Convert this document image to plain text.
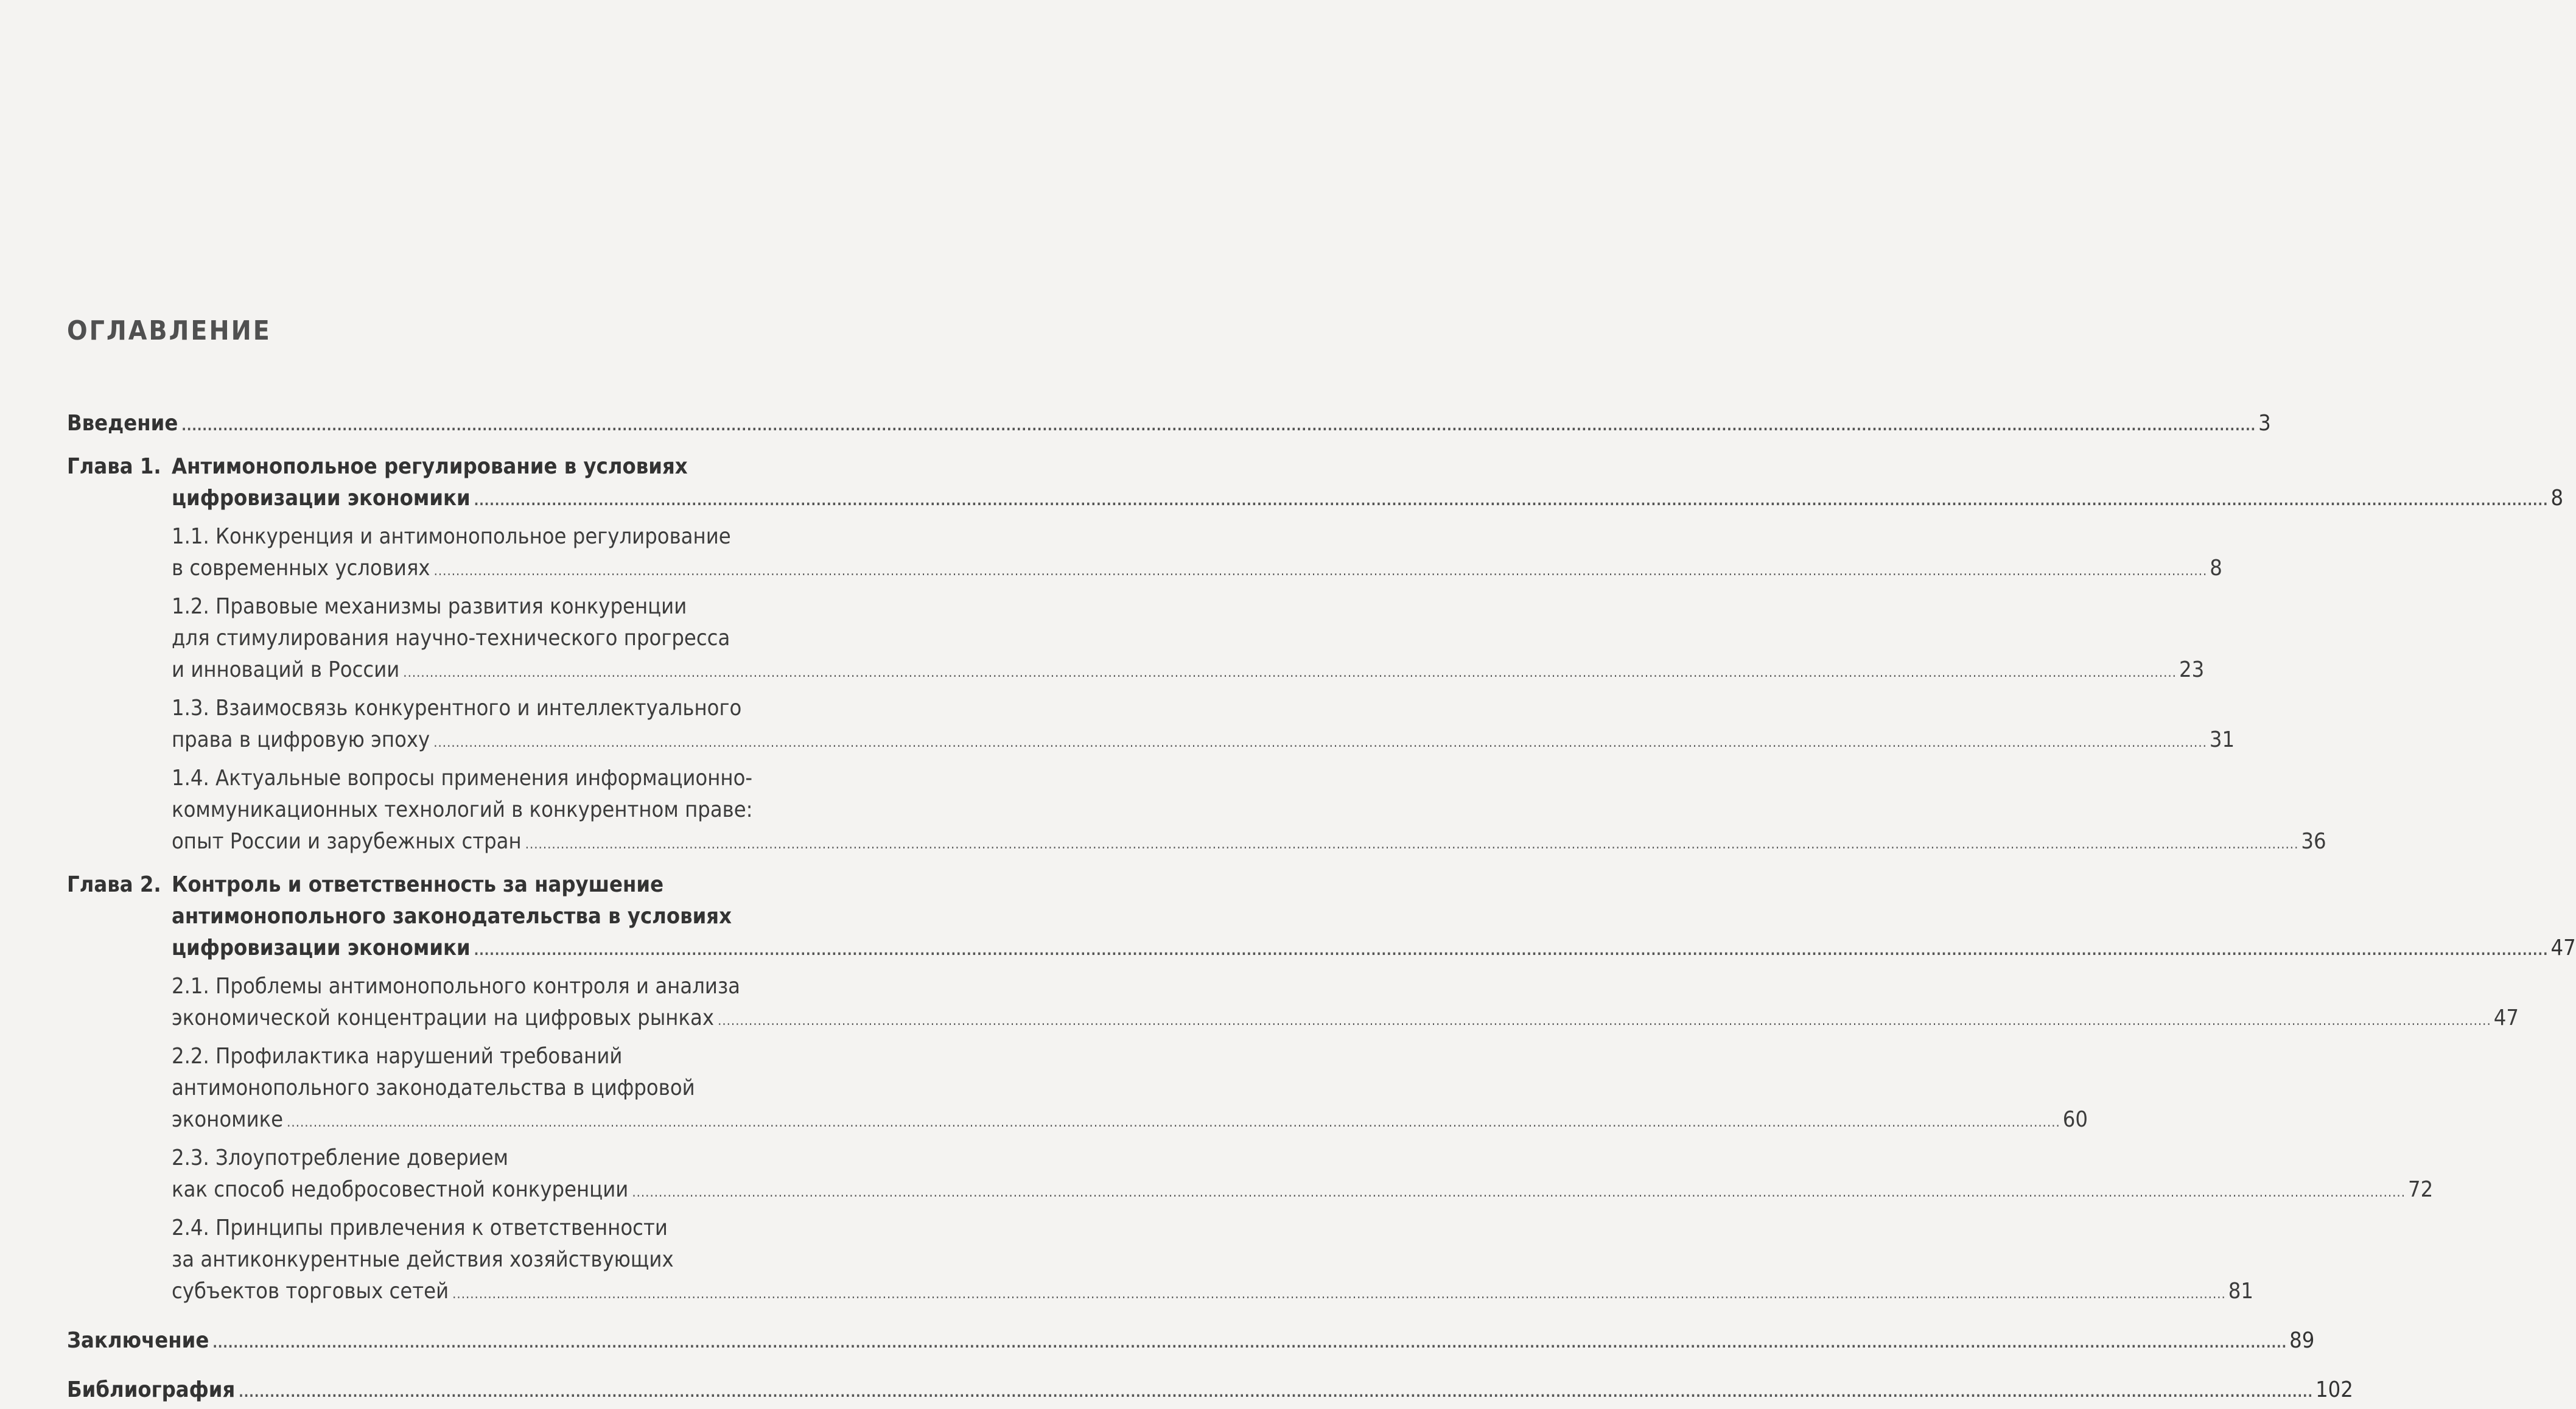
ОГЛАВЛЕНИЕ
Введение ................................................................................................................................................................................................................................................................................................................................................................................................................ 3
Глава 1. Антимонопольное регулирование в условиях
цифровизации экономики ................................................................................................................................................................................................................................................................................................................................................................................................................ 8
1.1. Конкуренция и антимонопольное регулирование
в современных условиях ................................................................................................................................................................................................................................................................................................................................................................................................................ 8
1.2. Правовые механизмы развития конкуренции
для стимулирования научно-технического прогресса
и инноваций в России ................................................................................................................................................................................................................................................................................................................................................................................................................ 23
1.3. Взаимосвязь конкурентного и интеллектуального
права в цифровую эпоху ................................................................................................................................................................................................................................................................................................................................................................................................................ 31
1.4. Актуальные вопросы применения информационно-
коммуникационных технологий в конкурентном праве:
опыт России и зарубежных стран ................................................................................................................................................................................................................................................................................................................................................................................................................ 36
Глава 2. Контроль и ответственность за нарушение
антимонопольного законодательства в условиях
цифровизации экономики ................................................................................................................................................................................................................................................................................................................................................................................................................ 47
2.1. Проблемы антимонопольного контроля и анализа
экономической концентрации на цифровых рынках ................................................................................................................................................................................................................................................................................................................................................................................................................ 47
2.2. Профилактика нарушений требований
антимонопольного законодательства в цифровой
экономике ................................................................................................................................................................................................................................................................................................................................................................................................................ 60
2.3. Злоупотребление доверием
как способ недобросовестной конкуренции ................................................................................................................................................................................................................................................................................................................................................................................................................ 72
2.4. Принципы привлечения к ответственности
за антиконкурентные действия хозяйствующих
субъектов торговых сетей ................................................................................................................................................................................................................................................................................................................................................................................................................ 81
Заключение ................................................................................................................................................................................................................................................................................................................................................................................................................ 89
Библиография ................................................................................................................................................................................................................................................................................................................................................................................................................ 102
